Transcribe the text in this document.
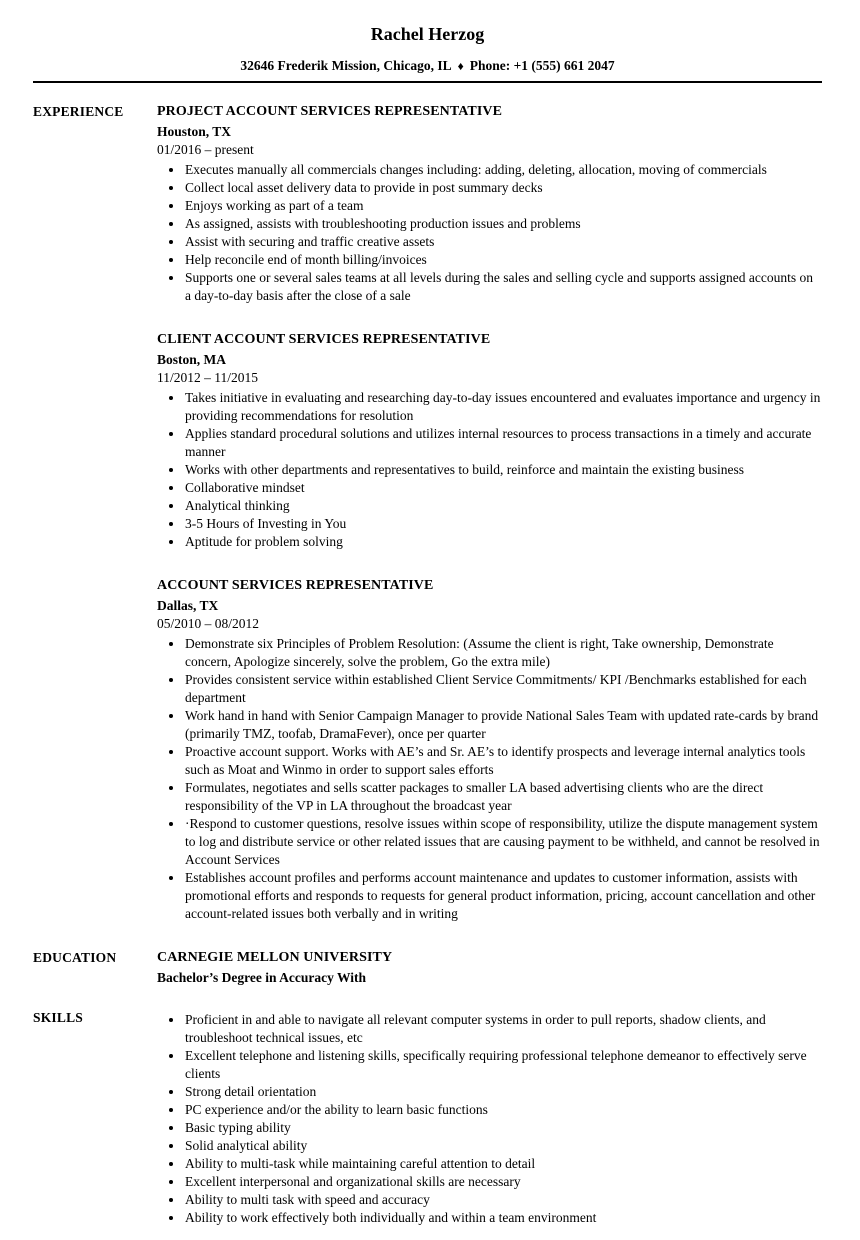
Rachel Herzog
32646 Frederik Mission, Chicago, IL ♦ Phone: +1 (555) 661 2047
EXPERIENCE	PROJECT ACCOUNT SERVICES REPRESENTATIVE
Houston, TX
01/2016 – present
• Executes manually all commercials changes including: adding, deleting, allocation, moving of commercials
• Collect local asset delivery data to provide in post summary decks
• Enjoys working as part of a team
• As assigned, assists with troubleshooting production issues and problems
• Assist with securing and traffic creative assets
• Help reconcile end of month billing/invoices
• Supports one or several sales teams at all levels during the sales and selling cycle and supports assigned accounts on a day-to-day basis after the close of a sale
CLIENT ACCOUNT SERVICES REPRESENTATIVE
Boston, MA
11/2012 – 11/2015
• Takes initiative in evaluating and researching day-to-day issues encountered and evaluates importance and urgency in providing recommendations for resolution
• Applies standard procedural solutions and utilizes internal resources to process transactions in a timely and accurate manner
• Works with other departments and representatives to build, reinforce and maintain the existing business
• Collaborative mindset
• Analytical thinking
• 3-5 Hours of Investing in You
• Aptitude for problem solving
ACCOUNT SERVICES REPRESENTATIVE
Dallas, TX
05/2010 – 08/2012
• Demonstrate six Principles of Problem Resolution: (Assume the client is right, Take ownership, Demonstrate concern, Apologize sincerely, solve the problem, Go the extra mile)
• Provides consistent service within established Client Service Commitments/ KPI /Benchmarks established for each department
• Work hand in hand with Senior Campaign Manager to provide National Sales Team with updated rate-cards by brand (primarily TMZ, toofab, DramaFever), once per quarter
• Proactive account support. Works with AE’s and Sr. AE’s to identify prospects and leverage internal analytics tools such as Moat and Winmo in order to support sales efforts
• Formulates, negotiates and sells scatter packages to smaller LA based advertising clients who are the direct responsibility of the VP in LA throughout the broadcast year
• ·Respond to customer questions, resolve issues within scope of responsibility, utilize the dispute management system to log and distribute service or other related issues that are causing payment to be withheld, and cannot be resolved in Account Services
• Establishes account profiles and performs account maintenance and updates to customer information, assists with promotional efforts and responds to requests for general product information, pricing, account cancellation and other account-related issues both verbally and in writing
EDUCATION	CARNEGIE MELLON UNIVERSITY
Bachelor’s Degree in Accuracy With
SKILLS	• Proficient in and able to navigate all relevant computer systems in order to pull reports, shadow clients, and troubleshoot technical issues, etc
• Excellent telephone and listening skills, specifically requiring professional telephone demeanor to effectively serve clients
• Strong detail orientation
• PC experience and/or the ability to learn basic functions
• Basic typing ability
• Solid analytical ability
• Ability to multi-task while maintaining careful attention to detail
• Excellent interpersonal and organizational skills are necessary
• Ability to multi task with speed and accuracy
• Ability to work effectively both individually and within a team environment
